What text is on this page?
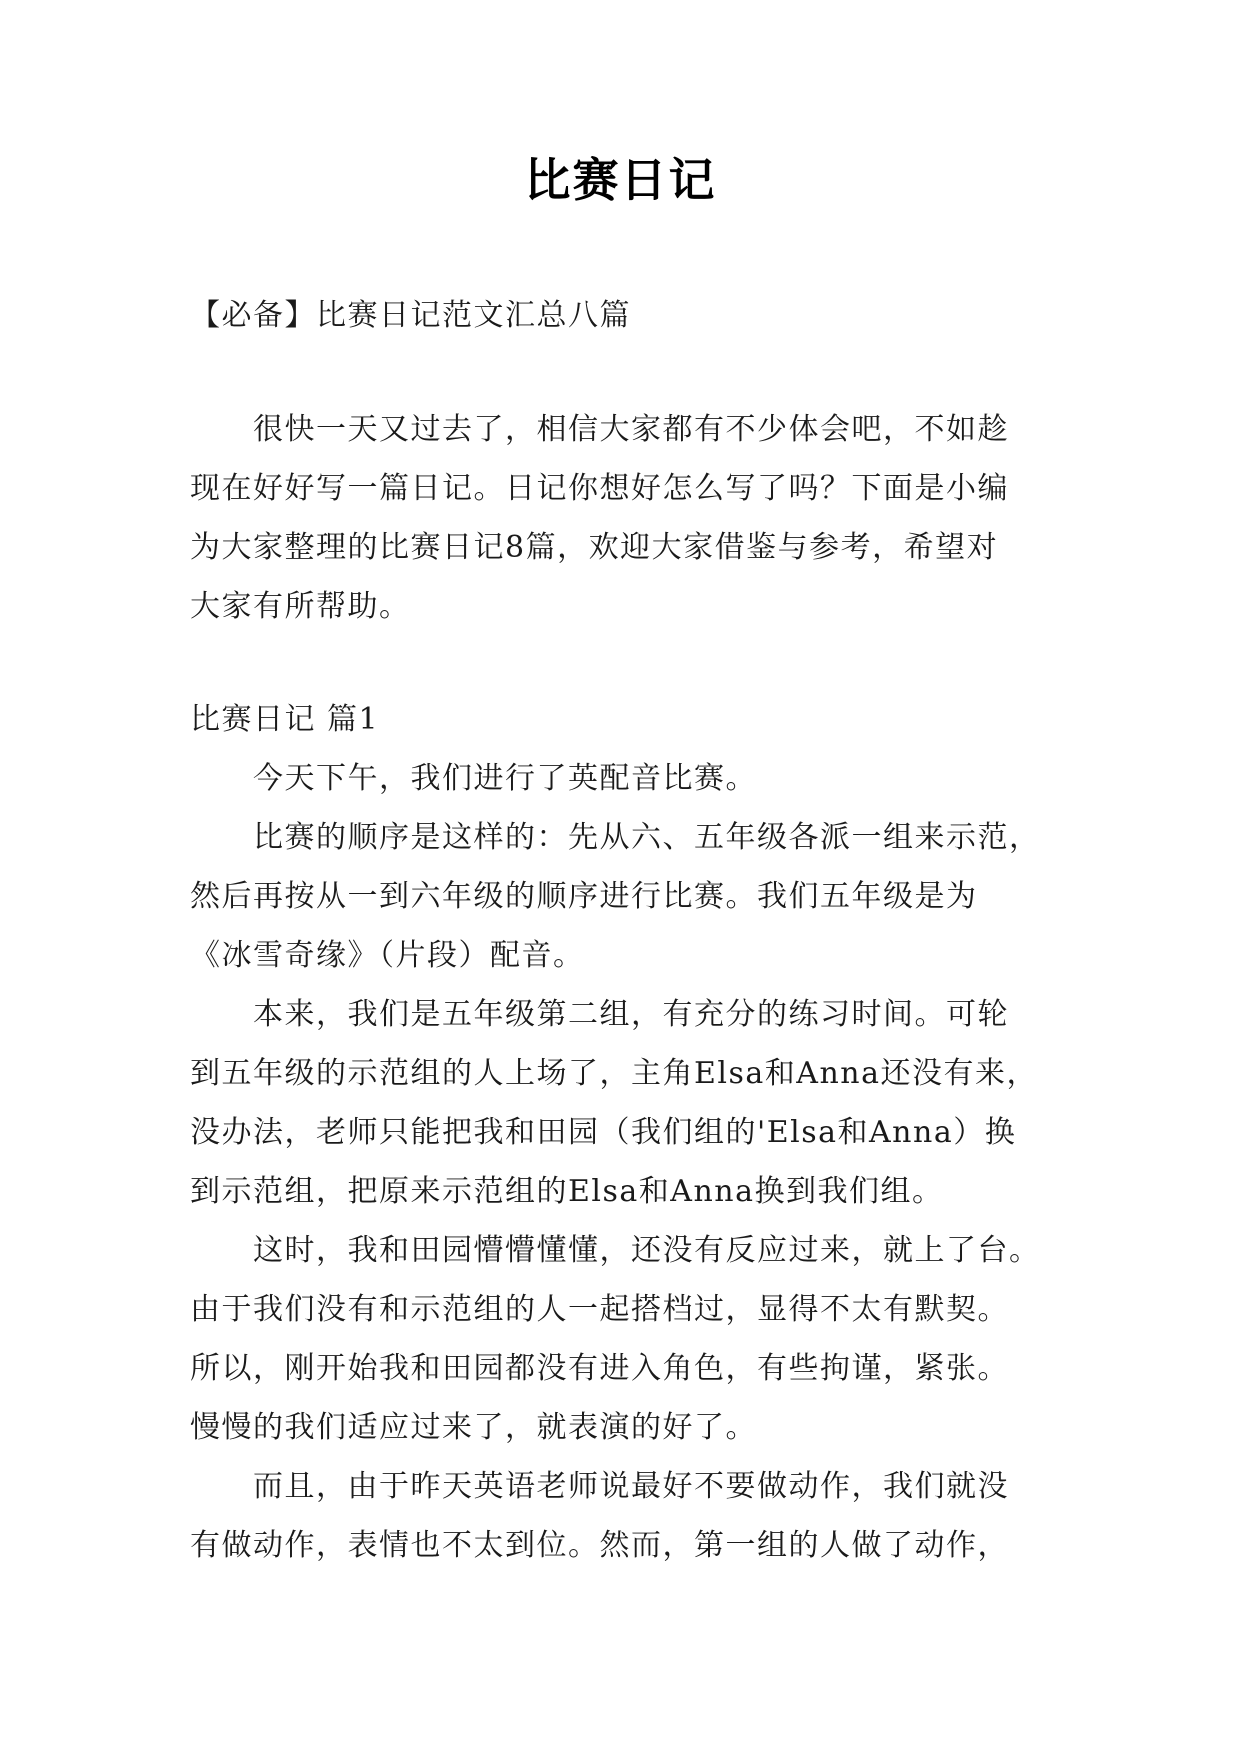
比赛日记
【必备】比赛日记范文汇总八篇
　　很快一天又过去了，相信大家都有不少体会吧，不如趁
现在好好写一篇日记。日记你想好怎么写了吗？下面是小编
为大家整理的比赛日记8篇，欢迎大家借鉴与参考，希望对
大家有所帮助。
比赛日记 篇1
　　今天下午，我们进行了英配音比赛。
　　比赛的顺序是这样的：先从六、五年级各派一组来示范，
然后再按从一到六年级的顺序进行比赛。我们五年级是为
《冰雪奇缘》（片段）配音。
　　本来，我们是五年级第二组，有充分的练习时间。可轮
到五年级的示范组的人上场了，主角Elsa和Anna还没有来，
没办法，老师只能把我和田园（我们组的'Elsa和Anna）换
到示范组，把原来示范组的Elsa和Anna换到我们组。
　　这时，我和田园懵懵懂懂，还没有反应过来，就上了台。
由于我们没有和示范组的人一起搭档过，显得不太有默契。
所以，刚开始我和田园都没有进入角色，有些拘谨，紧张。
慢慢的我们适应过来了，就表演的好了。
　　而且，由于昨天英语老师说最好不要做动作，我们就没
有做动作，表情也不太到位。然而，第一组的人做了动作，
